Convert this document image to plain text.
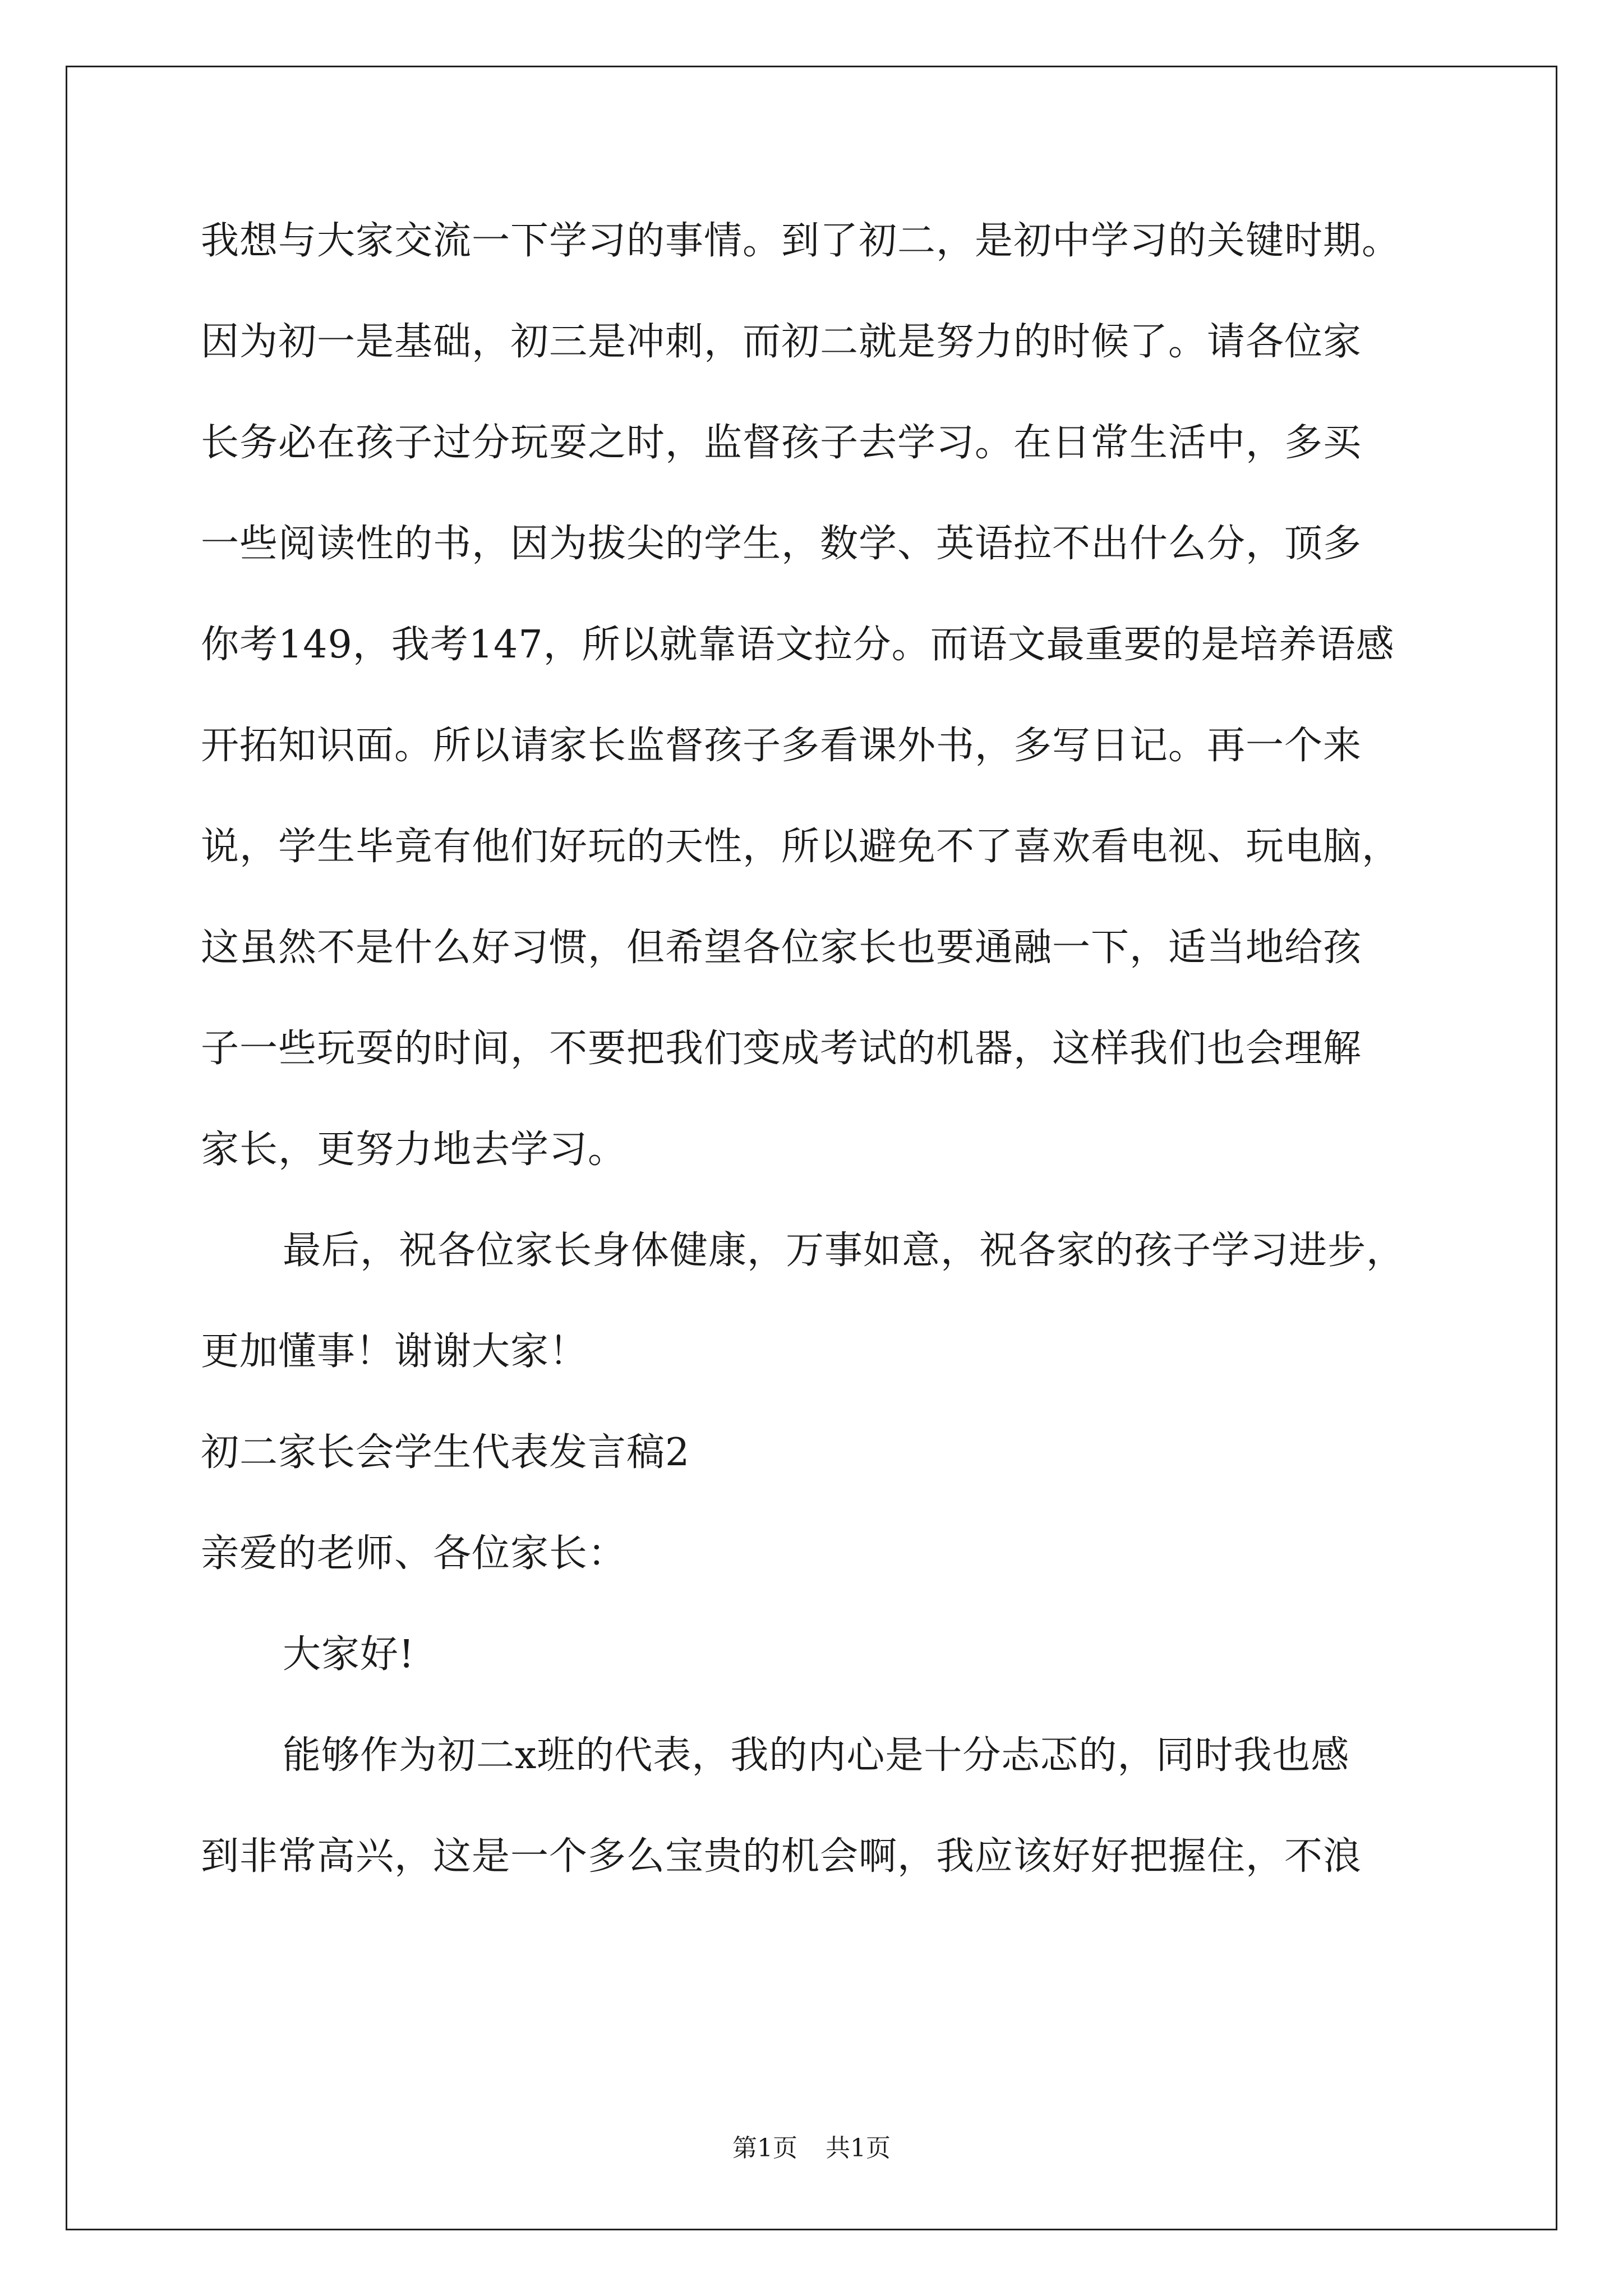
我想与大家交流一下学习的事情。到了初二，是初中学习的关键时期。
因为初一是基础，初三是冲刺，而初二就是努力的时候了。请各位家
长务必在孩子过分玩耍之时，监督孩子去学习。在日常生活中，多买
一些阅读性的书，因为拔尖的学生，数学、英语拉不出什么分，顶多
你考149，我考147，所以就靠语文拉分。而语文最重要的是培养语感
开拓知识面。所以请家长监督孩子多看课外书，多写日记。再一个来
说，学生毕竟有他们好玩的天性，所以避免不了喜欢看电视、玩电脑，
这虽然不是什么好习惯，但希望各位家长也要通融一下，适当地给孩
子一些玩耍的时间，不要把我们变成考试的机器，这样我们也会理解
家长，更努力地去学习。
最后，祝各位家长身体健康，万事如意，祝各家的孩子学习进步，
更加懂事！谢谢大家！
初二家长会学生代表发言稿2
亲爱的老师、各位家长：
大家好!
能够作为初二x班的代表，我的内心是十分忐忑的，同时我也感
到非常高兴，这是一个多么宝贵的机会啊，我应该好好把握住，不浪
第1页 共1页
